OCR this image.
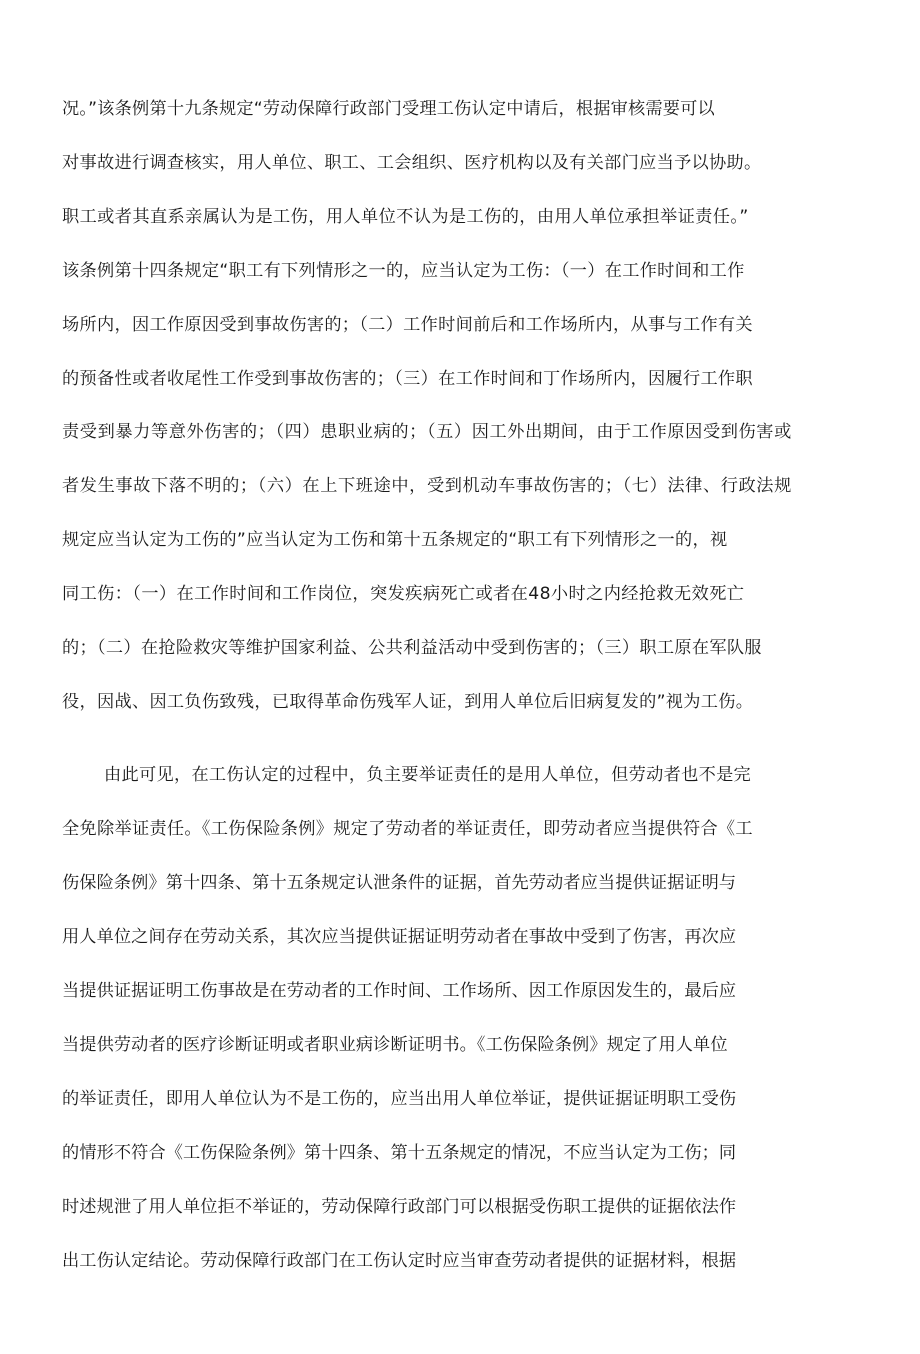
况。”该条例第十九条规定“劳动保障行政部门受理工伤认定中请后，根据审核需要可以

对事故进行调查核实，用人单位、职工、工会组织、医疗机构以及有关部门应当予以协助。

职工或者其直系亲属认为是工伤，用人单位不认为是工伤的，由用人单位承担举证责任。”

该条例第十四条规定“职工有下列情形之一的，应当认定为工伤：（一）在工作时间和工作

场所内，因工作原因受到事故伤害的；（二）工作时间前后和工作场所内，从事与工作有关

的预备性或者收尾性工作受到事故伤害的；（三）在工作时间和丁作场所内，因履行工作职

责受到暴力等意外伤害的；（四）患职业病的；（五）因工外出期间，由于工作原因受到伤害或

者发生事故下落不明的；（六）在上下班途中，受到机动车事故伤害的；（七）法律、行政法规

规定应当认定为工伤的”应当认定为工伤和第十五条规定的“职工有下列情形之一的，视

同工伤：（一）在工作时间和工作岗位，突发疾病死亡或者在48小时之内经抢救无效死亡

的；（二）在抢险救灾等维护国家利益、公共利益活动中受到伤害的；（三）职工原在军队服

役，因战、因工负伤致残，已取得革命伤残军人证，到用人单位后旧病复发的”视为工伤。

由此可见，在工伤认定的过程中，负主要举证责任的是用人单位，但劳动者也不是完

全免除举证责任。《工伤保险条例》规定了劳动者的举证责任，即劳动者应当提供符合《工

伤保险条例》第十四条、第十五条规定认泄条件的证据，首先劳动者应当提供证据证明与

用人单位之间存在劳动关系，其次应当提供证据证明劳动者在事故中受到了伤害，再次应

当提供证据证明工伤事故是在劳动者的工作时间、工作场所、因工作原因发生的，最后应

当提供劳动者的医疗诊断证明或者职业病诊断证明书。《工伤保险条例》规定了用人单位

的举证责任，即用人单位认为不是工伤的，应当出用人单位举证，提供证据证明职工受伤

的情形不符合《工伤保险条例》第十四条、第十五条规定的情况，不应当认定为工伤；同

时述规泄了用人单位拒不举证的，劳动保障行政部门可以根据受伤职工提供的证据依法作

出工伤认定结论。劳动保障行政部门在工伤认定时应当审查劳动者提供的证据材料，根据
